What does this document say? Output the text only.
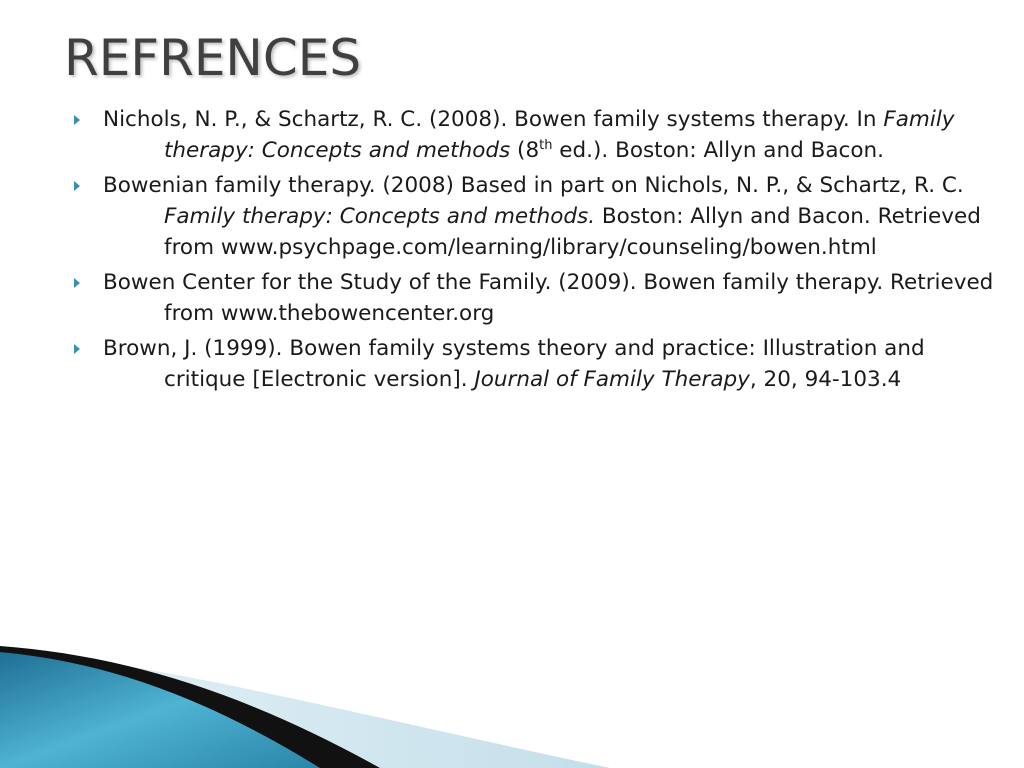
REFRENCES
Nichols, N. P., & Schartz, R. C. (2008). Bowen family systems therapy. In Family therapy: Concepts and methods (8th ed.). Boston: Allyn and Bacon.
Bowenian family therapy. (2008) Based in part on Nichols, N. P., & Schartz, R. C. Family therapy: Concepts and methods. Boston: Allyn and Bacon. Retrieved from www.psychpage.com/learning/library/counseling/bowen.html
Bowen Center for the Study of the Family. (2009). Bowen family therapy. Retrieved from www.thebowencenter.org
Brown, J. (1999). Bowen family systems theory and practice: Illustration and critique [Electronic version]. Journal of Family Therapy, 20, 94-103.4
